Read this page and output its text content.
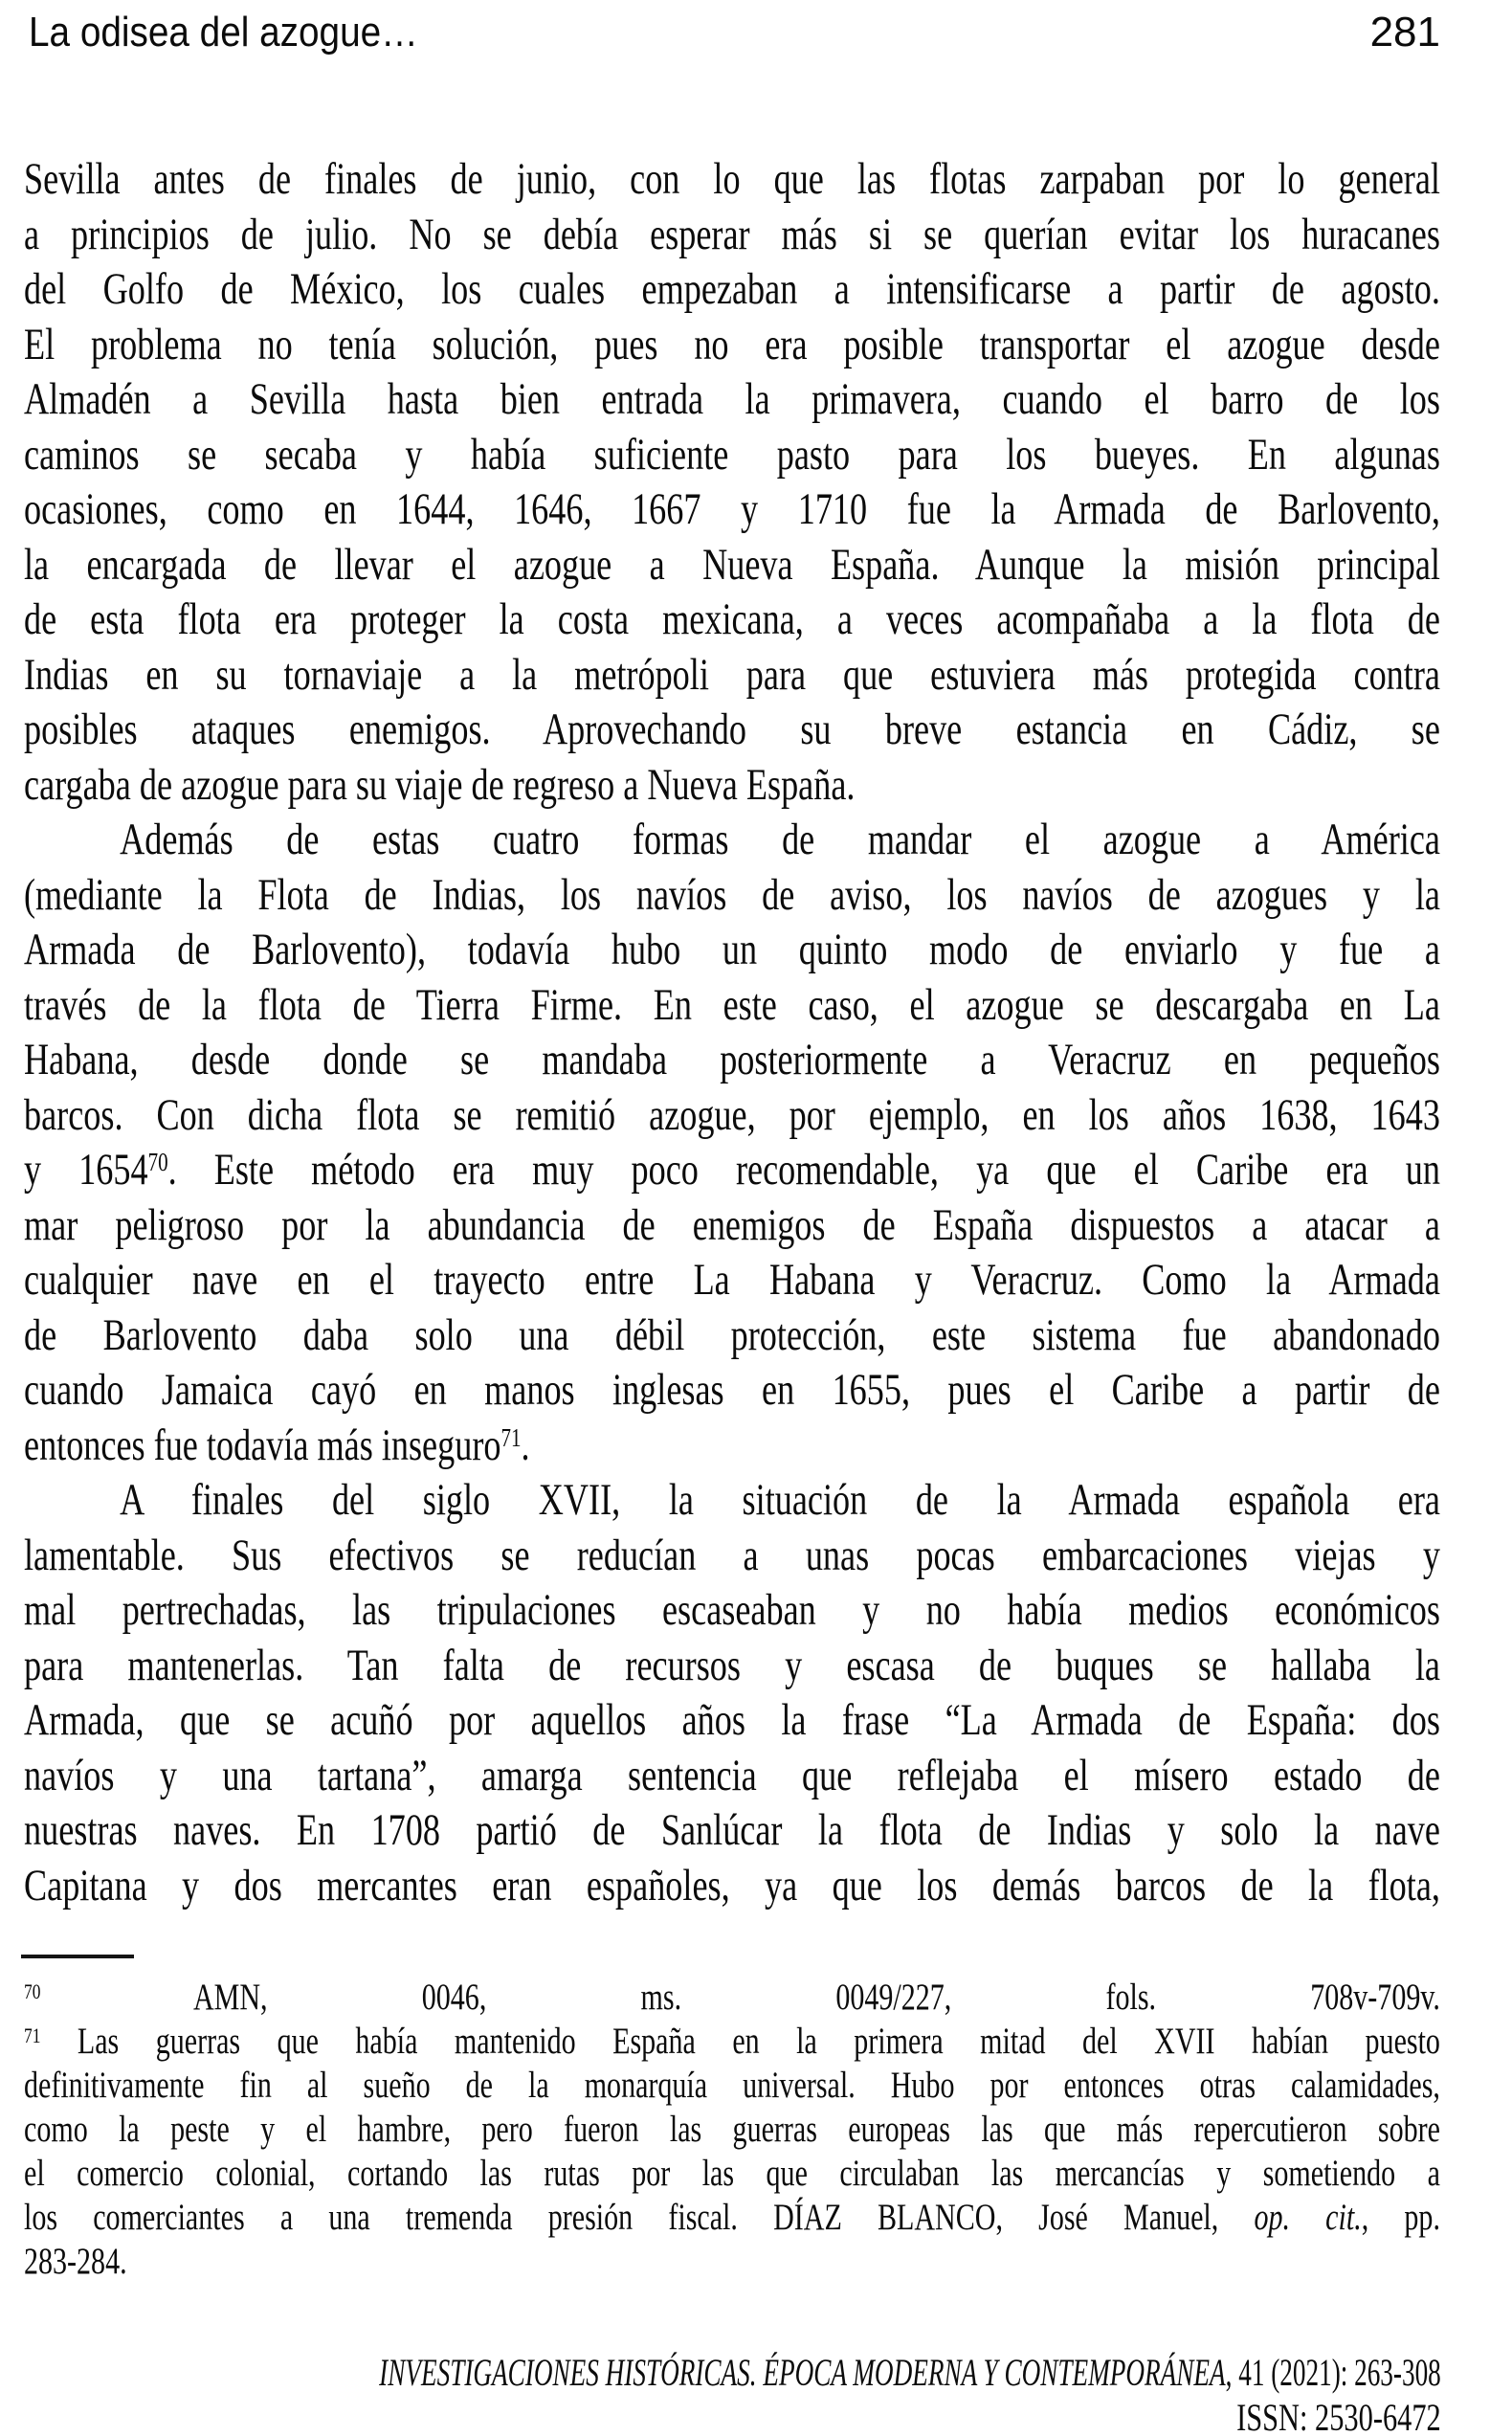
La odisea del azogue…	281
Sevilla antes de finales de junio, con lo que las flotas zarpaban por lo general
a principios de julio. No se debía esperar más si se querían evitar los huracanes
del Golfo de México, los cuales empezaban a intensificarse a partir de agosto.
El problema no tenía solución, pues no era posible transportar el azogue desde
Almadén a Sevilla hasta bien entrada la primavera, cuando el barro de los
caminos se secaba y había suficiente pasto para los bueyes. En algunas
ocasiones, como en 1644, 1646, 1667 y 1710 fue la Armada de Barlovento,
la encargada de llevar el azogue a Nueva España. Aunque la misión principal
de esta flota era proteger la costa mexicana, a veces acompañaba a la flota de
Indias en su tornaviaje a la metrópoli para que estuviera más protegida contra
posibles ataques enemigos. Aprovechando su breve estancia en Cádiz, se
cargaba de azogue para su viaje de regreso a Nueva España.
Además de estas cuatro formas de mandar el azogue a América
(mediante la Flota de Indias, los navíos de aviso, los navíos de azogues y la
Armada de Barlovento), todavía hubo un quinto modo de enviarlo y fue a
través de la flota de Tierra Firme. En este caso, el azogue se descargaba en La
Habana, desde donde se mandaba posteriormente a Veracruz en pequeños
barcos. Con dicha flota se remitió azogue, por ejemplo, en los años 1638, 1643
y 1654$^{70}$. Este método era muy poco recomendable, ya que el Caribe era un
mar peligroso por la abundancia de enemigos de España dispuestos a atacar a
cualquier nave en el trayecto entre La Habana y Veracruz. Como la Armada
de Barlovento daba solo una débil protección, este sistema fue abandonado
cuando Jamaica cayó en manos inglesas en 1655, pues el Caribe a partir de
entonces fue todavía más inseguro$^{71}$.
A finales del siglo XVII, la situación de la Armada española era
lamentable. Sus efectivos se reducían a unas pocas embarcaciones viejas y
mal pertrechadas, las tripulaciones escaseaban y no había medios económicos
para mantenerlas. Tan falta de recursos y escasa de buques se hallaba la
Armada, que se acuñó por aquellos años la frase “La Armada de España: dos
navíos y una tartana”, amarga sentencia que reflejaba el mísero estado de
nuestras naves. En 1708 partió de Sanlúcar la flota de Indias y solo la nave
Capitana y dos mercantes eran españoles, ya que los demás barcos de la flota,
$^{70}$ AMN, 0046, ms. 0049/227, fols. 708v-709v.
$^{71}$ Las guerras que había mantenido España en la primera mitad del XVII habían puesto
definitivamente fin al sueño de la monarquía universal. Hubo por entonces otras calamidades,
como la peste y el hambre, pero fueron las guerras europeas las que más repercutieron sobre
el comercio colonial, cortando las rutas por las que circulaban las mercancías y sometiendo a
los comerciantes a una tremenda presión fiscal. DÍAZ BLANCO, José Manuel, op. cit., pp.
283-284.
INVESTIGACIONES HISTÓRICAS. ÉPOCA MODERNA Y CONTEMPORÁNEA, 41 (2021): 263-308
ISSN: 2530-6472
